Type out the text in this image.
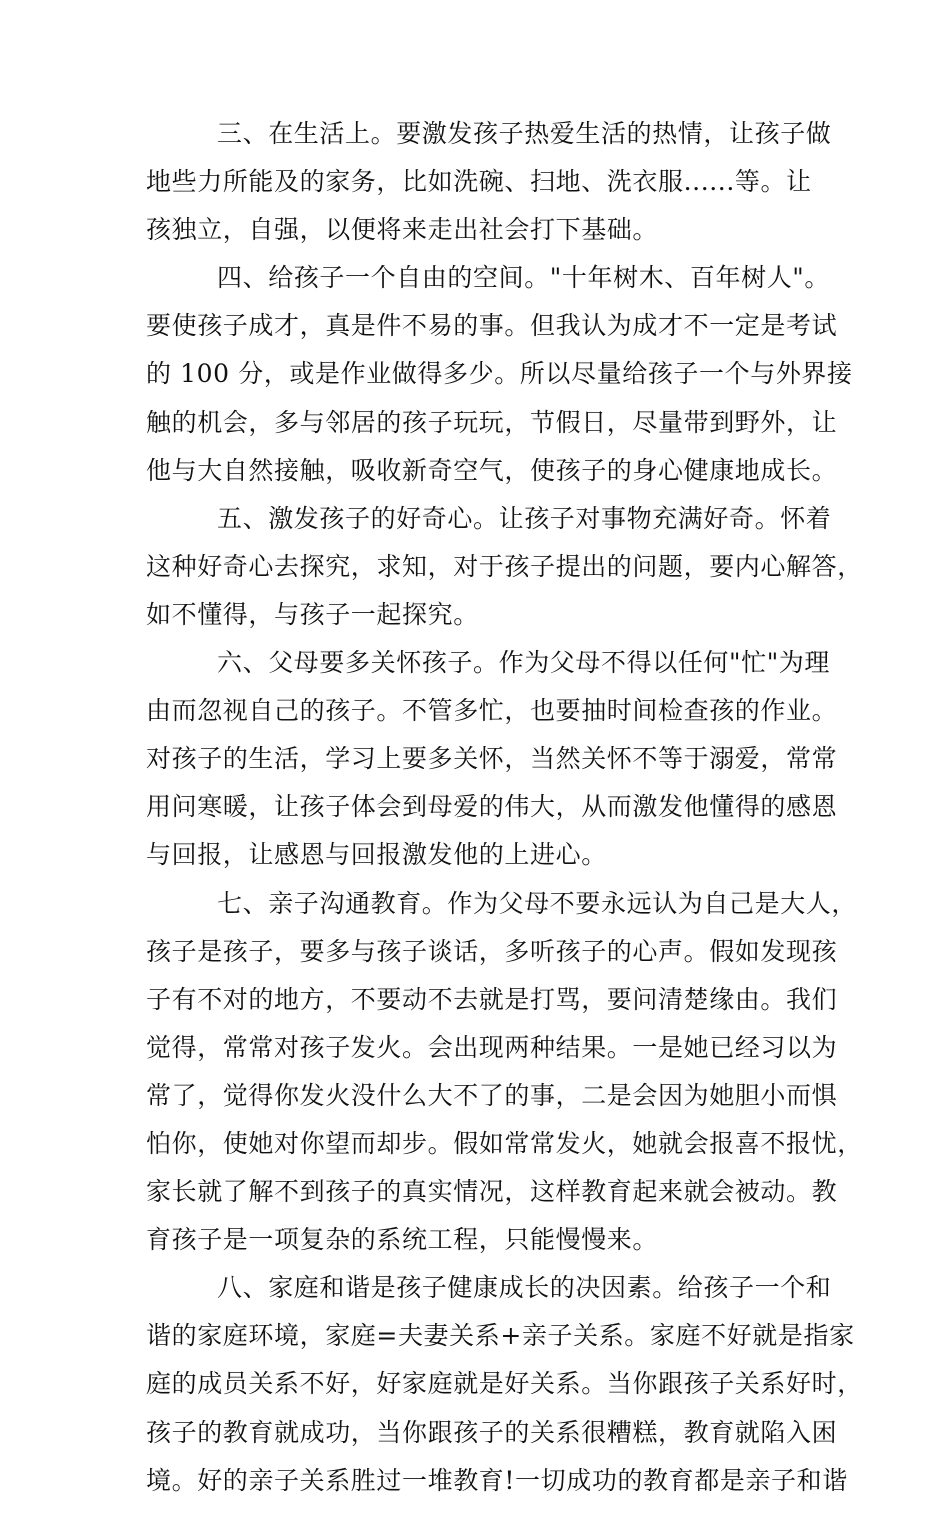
三、在生活上。要激发孩子热爱生活的热情，让孩子做
地些力所能及的家务，比如洗碗、扫地、洗衣服......等。让
孩独立，自强，以便将来走出社会打下基础。
四、给孩子一个自由的空间。"十年树木、百年树人"。
要使孩子成才，真是件不易的事。但我认为成才不一定是考试
的 100 分，或是作业做得多少。所以尽量给孩子一个与外界接
触的机会，多与邻居的孩子玩玩，节假日，尽量带到野外，让
他与大自然接触，吸收新奇空气，使孩子的身心健康地成长。
五、激发孩子的好奇心。让孩子对事物充满好奇。怀着
这种好奇心去探究，求知，对于孩子提出的问题，要内心解答，
如不懂得，与孩子一起探究。
六、父母要多关怀孩子。作为父母不得以任何"忙"为理
由而忽视自己的孩子。不管多忙，也要抽时间检查孩的作业。
对孩子的生活，学习上要多关怀，当然关怀不等于溺爱，常常
用问寒暖，让孩子体会到母爱的伟大，从而激发他懂得的感恩
与回报，让感恩与回报激发他的上进心。
七、亲子沟通教育。作为父母不要永远认为自己是大人，
孩子是孩子，要多与孩子谈话，多听孩子的心声。假如发现孩
子有不对的地方，不要动不去就是打骂，要问清楚缘由。我们
觉得，常常对孩子发火。会出现两种结果。一是她已经习以为
常了，觉得你发火没什么大不了的事，二是会因为她胆小而惧
怕你，使她对你望而却步。假如常常发火，她就会报喜不报忧，
家长就了解不到孩子的真实情况，这样教育起来就会被动。教
育孩子是一项复杂的系统工程，只能慢慢来。
八、家庭和谐是孩子健康成长的决因素。给孩子一个和
谐的家庭环境，家庭=夫妻关系+亲子关系。家庭不好就是指家
庭的成员关系不好，好家庭就是好关系。当你跟孩子关系好时，
孩子的教育就成功，当你跟孩子的关系很糟糕，教育就陷入困
境。好的亲子关系胜过一堆教育!一切成功的教育都是亲子和谐
